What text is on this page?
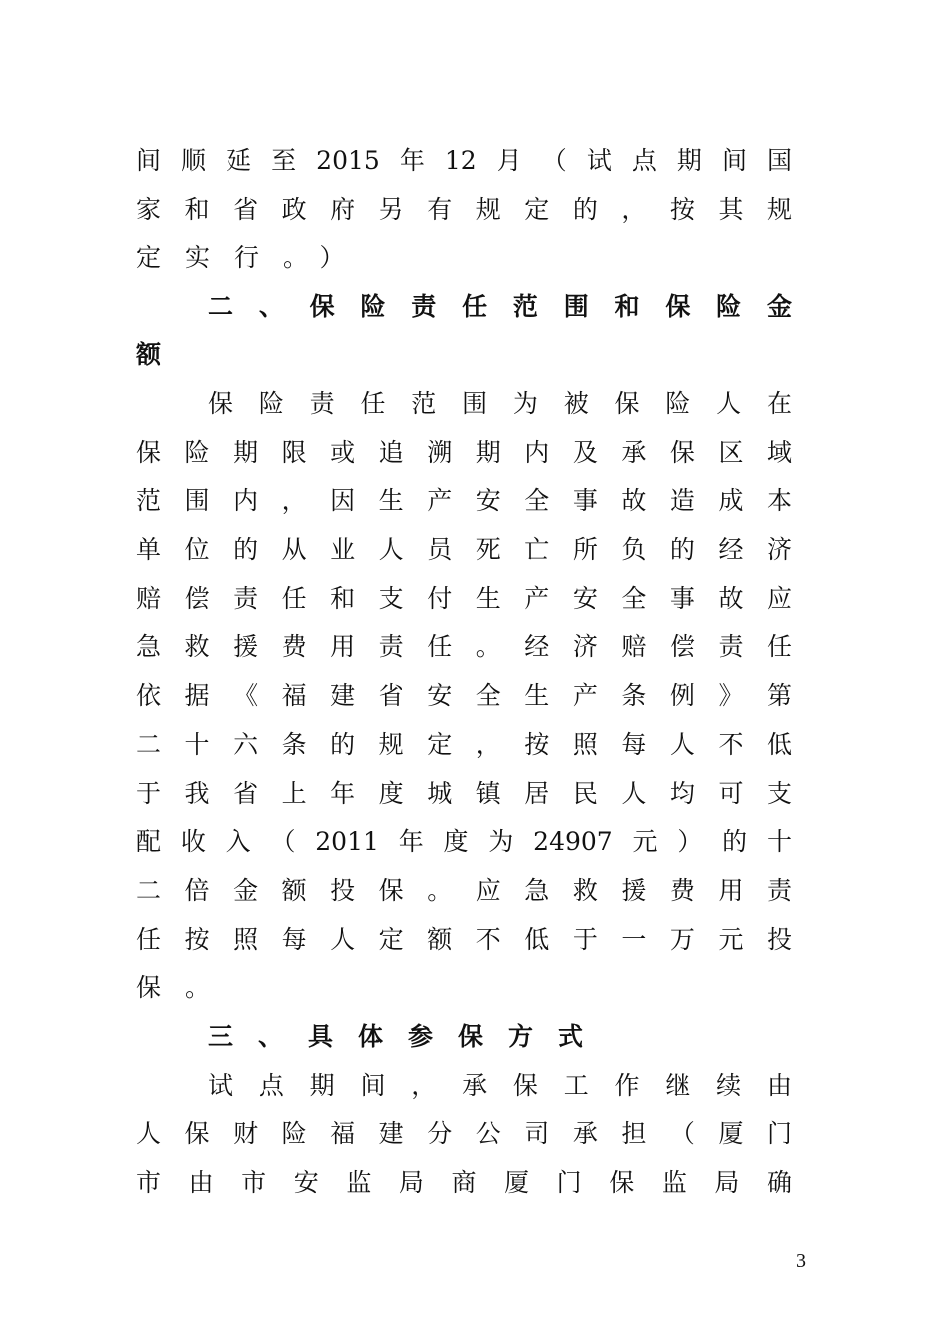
间顺延至2015年12月（试点期间国
家和省政府另有规定的，按其规
定实行。）
二、保险责任范围和保险金
额
保险责任范围为被保险人在
保险期限或追溯期内及承保区域
范围内，因生产安全事故造成本
单位的从业人员死亡所负的经济
赔偿责任和支付生产安全事故应
急救援费用责任。经济赔偿责任
依据《福建省安全生产条例》第
二十六条的规定，按照每人不低
于我省上年度城镇居民人均可支
配收入（2011年度为24907元）的十
二倍金额投保。应急救援费用责
任按照每人定额不低于一万元投
保。
三、具体参保方式
试点期间，承保工作继续由
人保财险福建分公司承担（厦门
市由市安监局商厦门保监局确
3
